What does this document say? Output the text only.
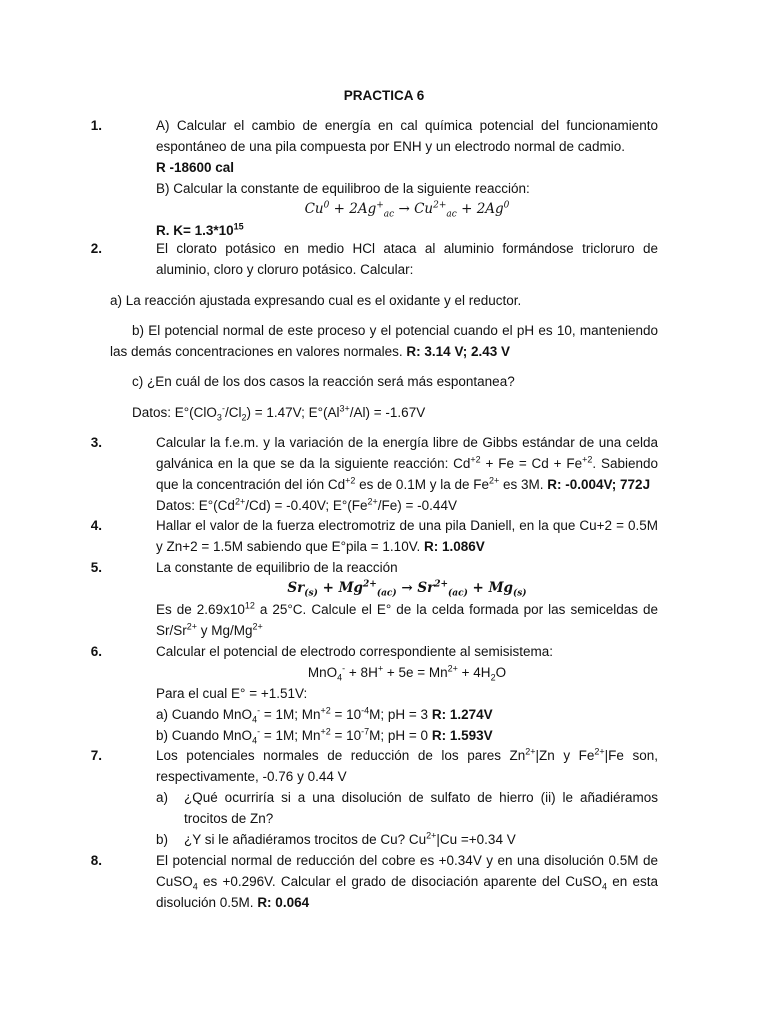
PRACTICA 6
1.	A) Calcular el cambio de energía en cal química potencial del funcionamiento espontáneo de una pila compuesta por ENH y un electrodo normal de cadmio.
R -18600 cal
B) Calcular la constante de equilibroo de la siguiente reacción:
$Cu^0 + 2Ag^+_{ac} \to Cu^{2+}_{ac} + 2Ag^0$
R. $K= 1.3*10^{15}$
2.	El clorato potásico en medio HCl ataca al aluminio formándose tricloruro de aluminio, cloro y cloruro potásico. Calcular:
a) La reacción ajustada expresando cual es el oxidante y el reductor.
b) El potencial normal de este proceso y el potencial cuando el pH es 10, manteniendo las demás concentraciones en valores normales. R: 3.14 V; 2.43 V
c) ¿En cuál de los dos casos la reacción será más espontanea?
Datos: $E^\circ(ClO_3^-/Cl_2) = 1.47V$; $E^\circ(Al^{3+}/Al) = -1.67V$
3.	Calcular la f.e.m. y la variación de la energía libre de Gibbs estándar de una celda galvánica en la que se da la siguiente reacción: $Cd^{+2} + Fe = Cd + Fe^{+2}$. Sabiendo que la concentración del ión $Cd^{+2}$ es de 0.1M y la de $Fe^{2+}$ es 3M. R: -0.004V; 772J
Datos: $E^\circ(Cd^{2+}/Cd) = -0.40V$; $E^\circ(Fe^{2+}/Fe) = -0.44V$
4.	Hallar el valor de la fuerza electromotriz de una pila Daniell, en la que Cu+2 = 0.5M y Zn+2 = 1.5M sabiendo que E°pila = 1.10V. R: 1.086V
5.	La constante de equilibrio de la reacción
$Sr_{(s)} + Mg^{2+}_{(ac)} \to Sr^{2+}_{(ac)} + Mg_{(s)}$
Es de $2.69x10^{12}$ a 25°C. Calcule el E° de la celda formada por las semiceldas de $Sr/Sr^{2+}$ y $Mg/Mg^{2+}$
6.	Calcular el potencial de electrodo correspondiente al semisistema:
$MnO_4^- + 8H^+ + 5e = Mn^{2+} + 4H_2O$
Para el cual E° = +1.51V:
a) Cuando MnO$_4$- = 1M; $Mn^{+2} = 10^{-4}M$; pH = 3 R: 1.274V
b) Cuando MnO$_4$- = 1M; $Mn^{+2} = 10^{-7}M$; pH = 0 R: 1.593V
7.	Los potenciales normales de reducción de los pares $Zn^{2+}|Zn$ y $Fe^{2+}|Fe$ son, respectivamente, -0.76 y 0.44 V
a) ¿Qué ocurriría si a una disolución de sulfato de hierro (ii) le añadiéramos trocitos de Zn?
b) ¿Y si le añadiéramos trocitos de Cu? $Cu^{2+}|Cu =+0.34$ V
8.	El potencial normal de reducción del cobre es +0.34V y en una disolución 0.5M de CuSO$_4$ es +0.296V. Calcular el grado de disociación aparente del CuSO$_4$ en esta disolución 0.5M. R: 0.064
